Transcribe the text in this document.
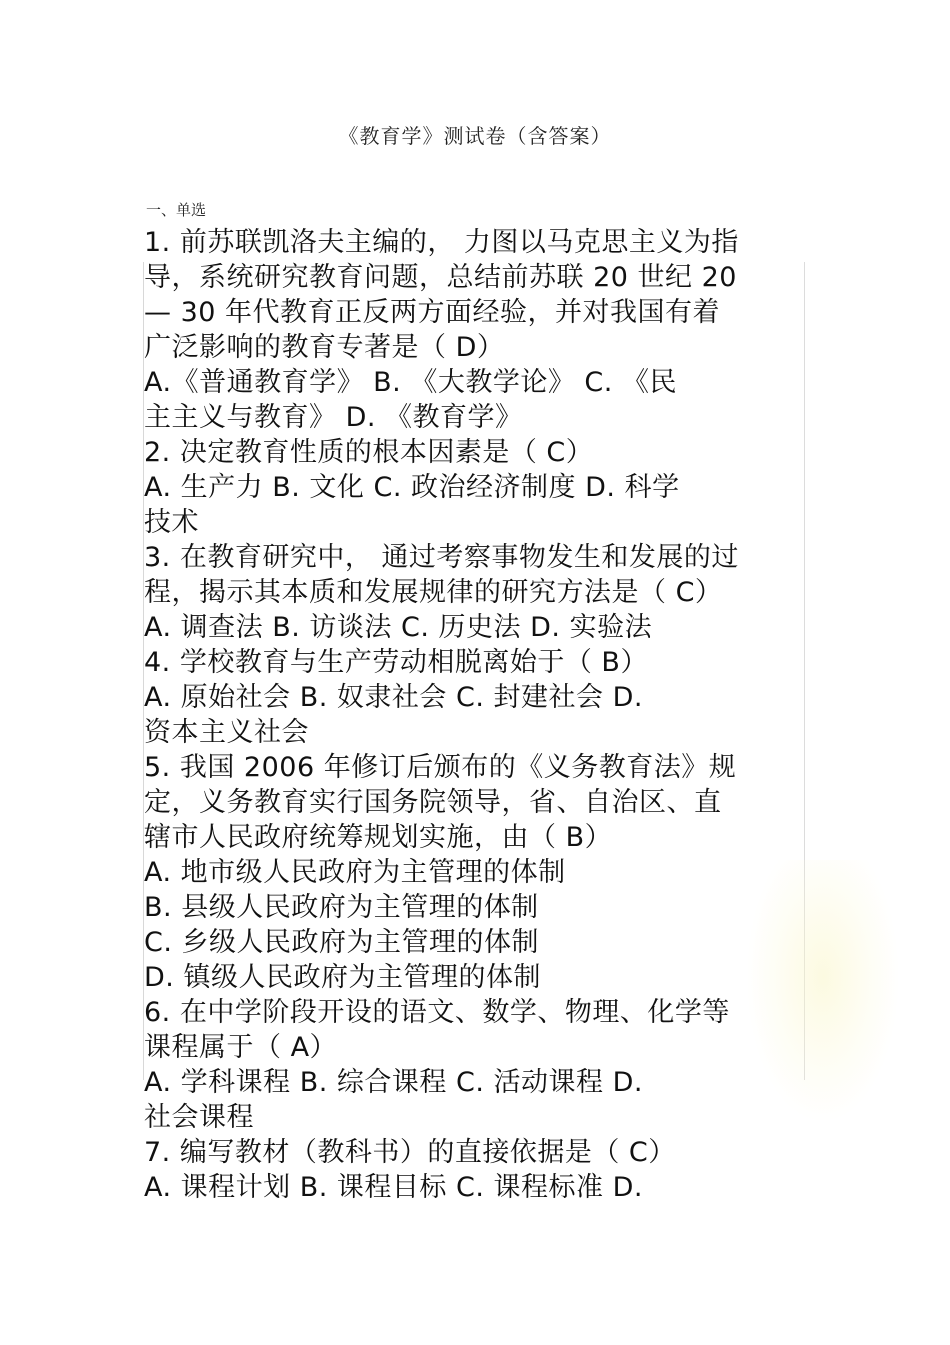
《教育学》测试卷（含答案）
一、单选
1. 前苏联凯洛夫主编的， 力图以马克思主义为指
导，系统研究教育问题，总结前苏联 20 世纪 20
— 30 年代教育正反两方面经验，并对我国有着
广泛影响的教育专著是（ D）
A.《普通教育学》 B. 《大教学论》 C. 《民
主主义与教育》 D. 《教育学》
2. 决定教育性质的根本因素是（ C）
A. 生产力 B. 文化 C. 政治经济制度 D. 科学
技术
3. 在教育研究中， 通过考察事物发生和发展的过
程，揭示其本质和发展规律的研究方法是（ C）
A. 调查法 B. 访谈法 C. 历史法 D. 实验法
4. 学校教育与生产劳动相脱离始于（ B）
A. 原始社会 B. 奴隶社会 C. 封建社会 D.
资本主义社会
5. 我国 2006 年修订后颁布的《义务教育法》规
定，义务教育实行国务院领导，省、自治区、直
辖市人民政府统筹规划实施，由（ B）
A. 地市级人民政府为主管理的体制
B. 县级人民政府为主管理的体制
C. 乡级人民政府为主管理的体制
D. 镇级人民政府为主管理的体制
6. 在中学阶段开设的语文、数学、物理、化学等
课程属于（ A）
A. 学科课程 B. 综合课程 C. 活动课程 D.
社会课程
7. 编写教材（教科书）的直接依据是（ C）
A. 课程计划 B. 课程目标 C. 课程标准 D.
